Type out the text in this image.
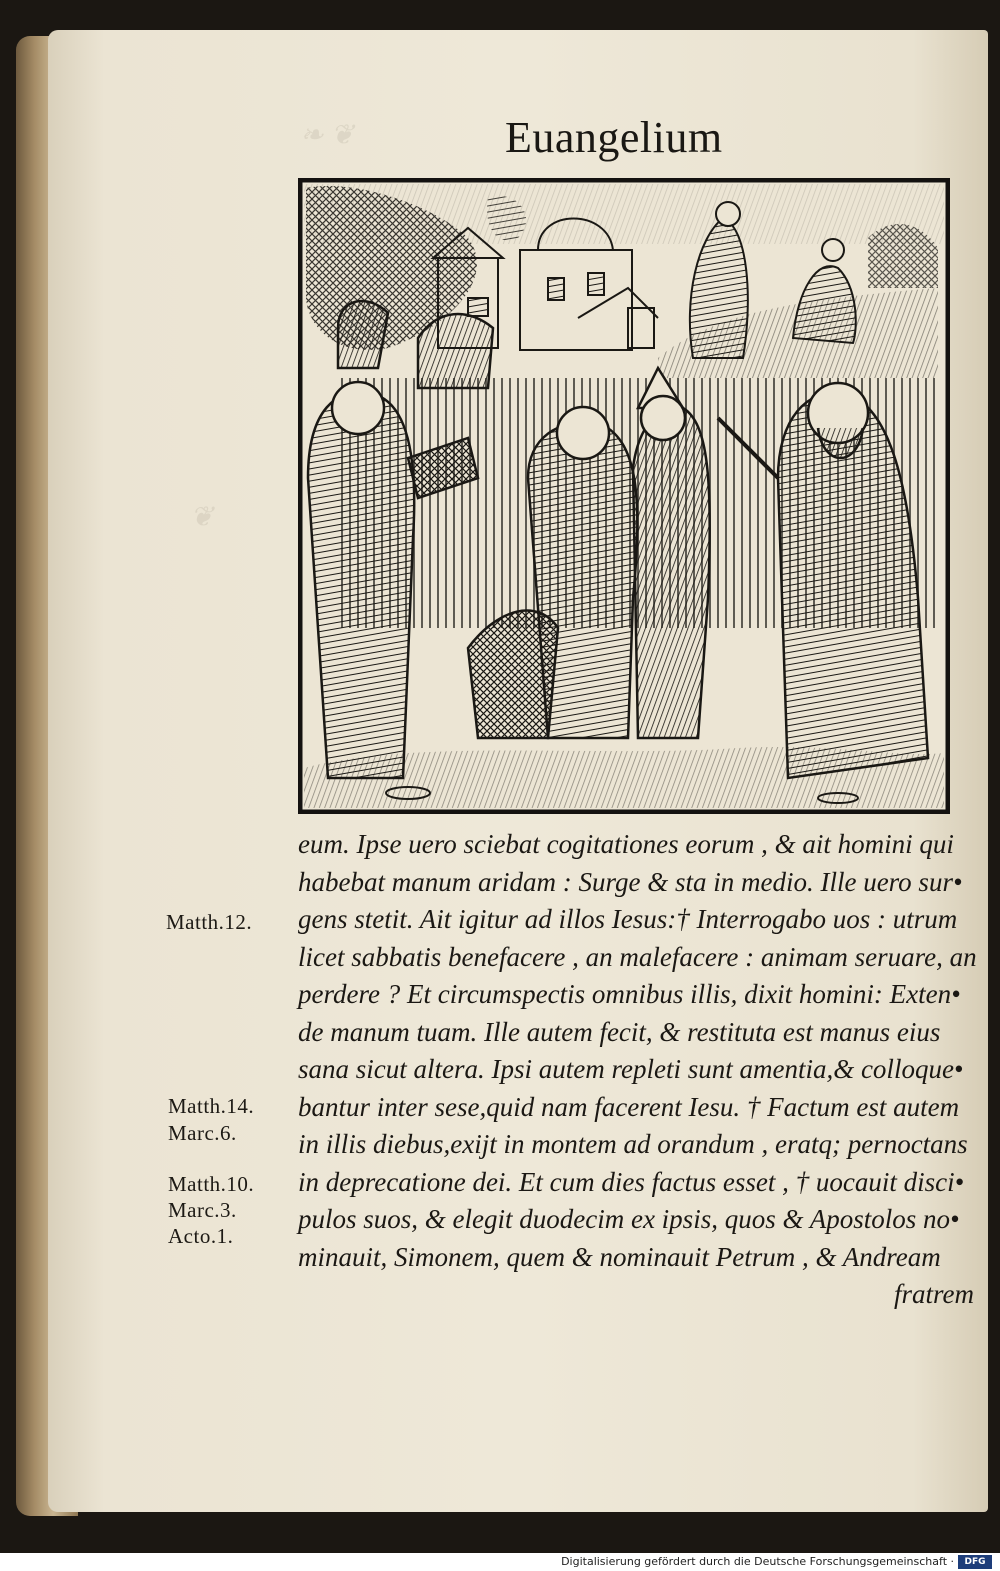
❧ ❦
❦
Euangelium
eum. Ipse uero sciebat cogitationes eorum , & ait homini qui
habebat manum aridam : Surge & sta in medio. Ille uero sur•
gens stetit. Ait igitur ad illos Iesus:† Interrogabo uos : utrum
licet sabbatis benefacere , an malefacere : animam seruare, an
perdere ? Et circumspectis omnibus illis, dixit homini: Exten•
de manum tuam. Ille autem fecit, & restituta est manus eius
sana sicut altera. Ipsi autem repleti sunt amentia,& colloque•
bantur inter sese,quid nam facerent Iesu. † Factum est autem
in illis diebus,exijt in montem ad orandum , eratq; pernoctans
in deprecatione dei. Et cum dies factus esset , † uocauit disci•
pulos suos, & elegit duodecim ex ipsis, quos & Apostolos no•
minauit, Simonem, quem & nominauit Petrum , & Andream
fratrem
Matth.12.
Matth.14.
Marc.6.
Matth.10.
Marc.3.
Acto.1.
Digitalisierung gefördert durch die Deutsche Forschungsgemeinschaft ·	DFG
